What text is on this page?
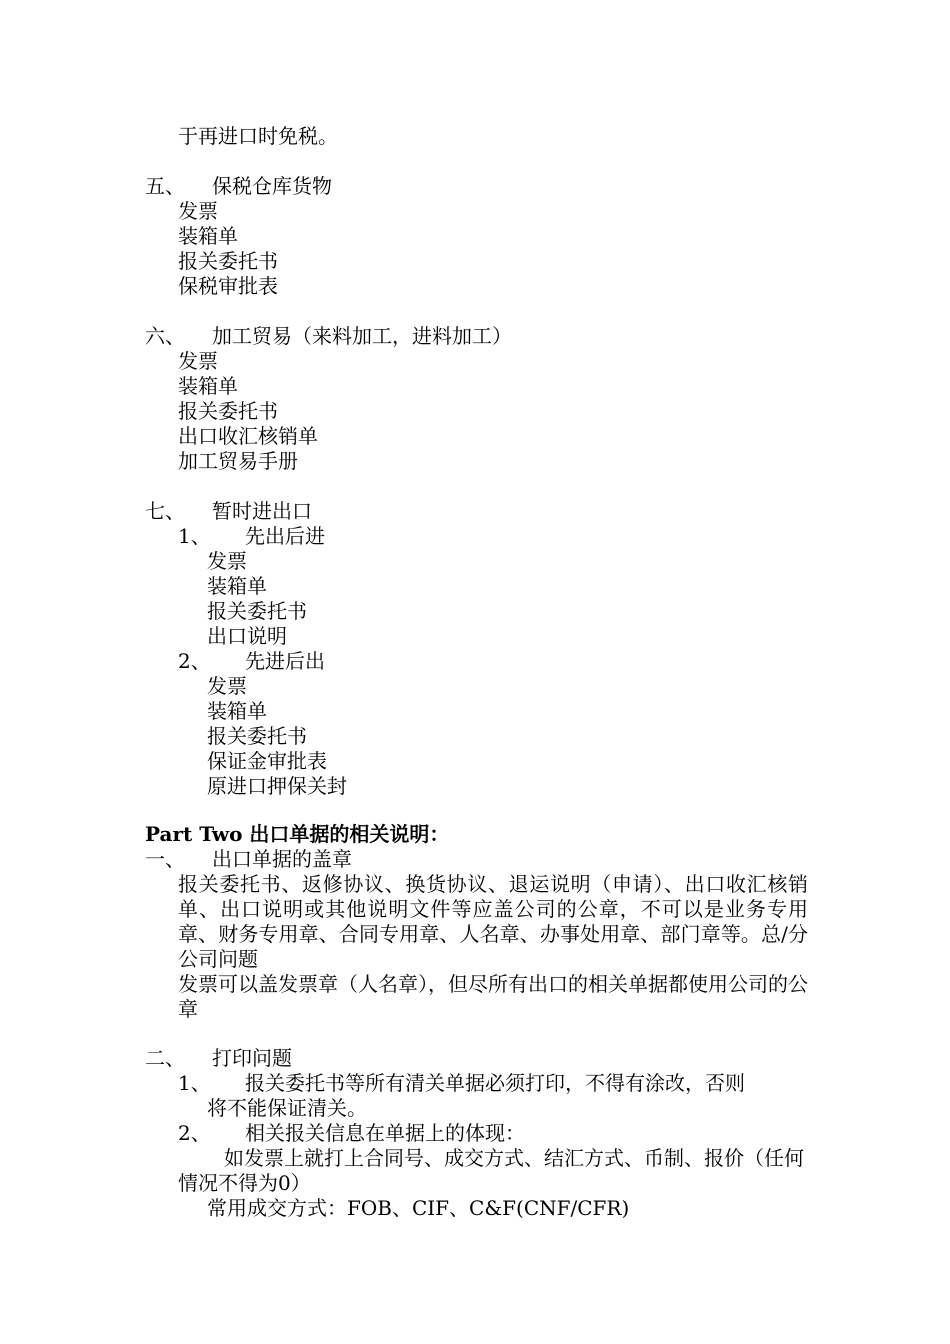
于再进口时免税。
五、 保税仓库货物
发票
装箱单
报关委托书
保税审批表
六、 加工贸易（来料加工，进料加工）
发票
装箱单
报关委托书
出口收汇核销单
加工贸易手册
七、 暂时进出口
1、 先出后进
发票
装箱单
报关委托书
出口说明
2、 先进后出
发票
装箱单
报关委托书
保证金审批表
原进口押保关封
Part Two 出口单据的相关说明：
一、 出口单据的盖章
报关委托书、返修协议、换货协议、退运说明（申请）、出口收汇核销单、出口说明或其他说明文件等应盖公司的公章，不可以是业务专用章、财务专用章、合同专用章、人名章、办事处用章、部门章等。总/分公司问题
发票可以盖发票章（人名章），但尽所有出口的相关单据都使用公司的公章
二、 打印问题
1、 报关委托书等所有清关单据必须打印，不得有涂改，否则
将不能保证清关。
2、 相关报关信息在单据上的体现：
如发票上就打上合同号、成交方式、结汇方式、币制、报价（任何情况不得为0）
常用成交方式：FOB、CIF、C&F(CNF/CFR)
